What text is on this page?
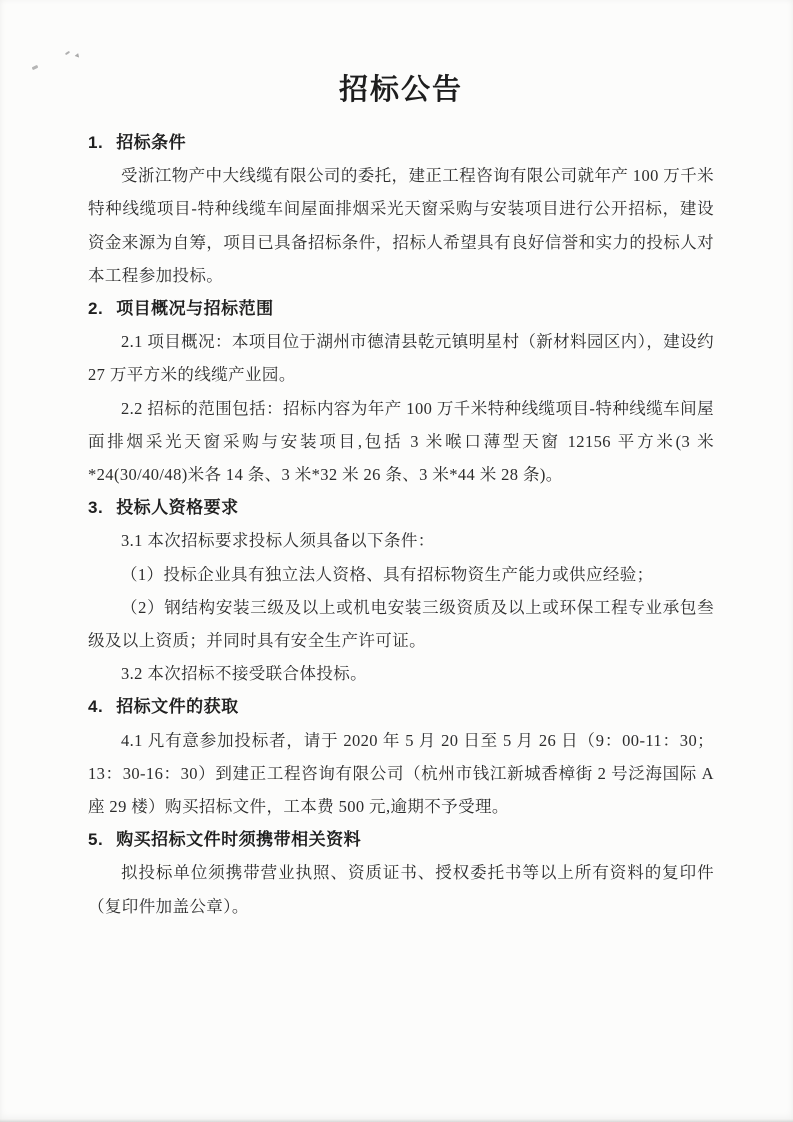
招标公告
1. 招标条件

受浙江物产中大线缆有限公司的委托，建正工程咨询有限公司就年产 100 万千米特种线缆项目-特种线缆车间屋面排烟采光天窗采购与安装项目进行公开招标，建设资金来源为自筹，项目已具备招标条件，招标人希望具有良好信誉和实力的投标人对本工程参加投标。

2. 项目概况与招标范围

2.1 项目概况：本项目位于湖州市德清县乾元镇明星村（新材料园区内），建设约 27 万平方米的线缆产业园。

2.2 招标的范围包括：招标内容为年产 100 万千米特种线缆项目-特种线缆车间屋面排烟采光天窗采购与安装项目,包括 3 米喉口薄型天窗 12156 平方米(3 米*24(30/40/48)米各 14 条、3 米*32 米 26 条、3 米*44 米 28 条)。

3. 投标人资格要求

3.1 本次招标要求投标人须具备以下条件：

（1）投标企业具有独立法人资格、具有招标物资生产能力或供应经验；

（2）钢结构安装三级及以上或机电安装三级资质及以上或环保工程专业承包叁级及以上资质；并同时具有安全生产许可证。

3.2 本次招标不接受联合体投标。

4. 招标文件的获取

4.1 凡有意参加投标者，请于 2020 年 5 月 20 日至 5 月 26 日（9：00-11：30；13：30-16：30）到建正工程咨询有限公司（杭州市钱江新城香樟街 2 号泛海国际 A 座 29 楼）购买招标文件，工本费 500 元,逾期不予受理。

5. 购买招标文件时须携带相关资料

拟投标单位须携带营业执照、资质证书、授权委托书等以上所有资料的复印件（复印件加盖公章）。
